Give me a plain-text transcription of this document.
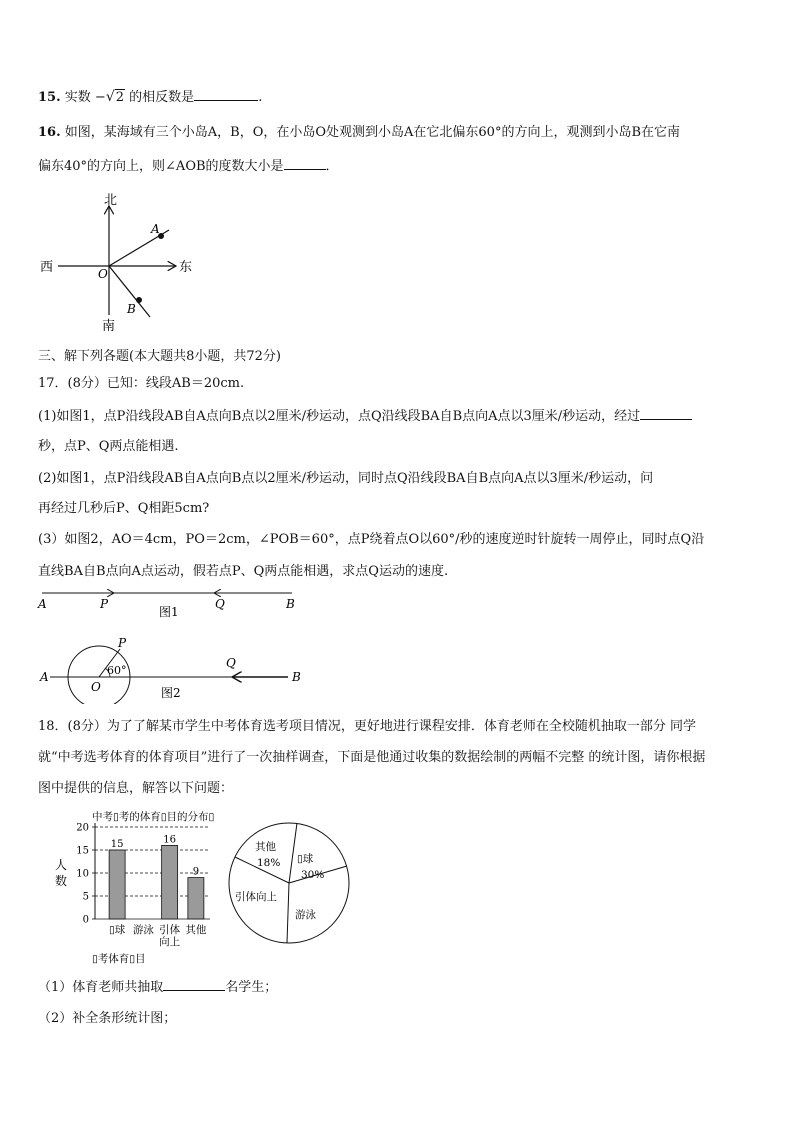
15. 实数 −√2 的相反数是	.
16. 如图，某海域有三个小岛A，B，O，在小岛O处观测到小岛A在它北偏东60°的方向上，观测到小岛B在它南
偏东40°的方向上，则∠AOB的度数大小是	．
北
南
东
西	O
A
B
三、解下列各题(本大题共8小题，共72分)
17．(8分）已知：线段AB＝20cm.
(1)如图1，点P沿线段AB自A点向B点以2厘米/秒运动，点Q沿线段BA自B点向A点以3厘米/秒运动，经过
秒，点P、Q两点能相遇.
(2)如图1，点P沿线段AB自A点向B点以2厘米/秒运动，同时点Q沿线段BA自B点向A点以3厘米/秒运动，问
再经过几秒后P、Q相距5cm?
(3）如图2，AO＝4cm，PO＝2cm，∠POB＝60°，点P绕着点O以60°/秒的速度逆时针旋转一周停止，同时点Q沿
直线BA自B点向A点运动，假若点P、Q两点能相遇，求点Q运动的速度.
A	P	Q	B
图1
A
P
60°
O
Q
B
图2
18．(8分）为了了解某市学生中考体育选考项目情况，更好地进行课程安排．体育老师在全校随机抽取一部分 同学
就“中考选考体育的体育项目”进行了一次抽样调查，下面是他通过收集的数据绘制的两幅不完整 的统计图，请你根据
图中提供的信息，解答以下问题：
中考▯考的体育▯目的分布▯
人
数
▯考体育▯目
0
5
10
15
20
15
▯球 游泳
16
引体
向上
9
其他
其他
18% ▯球
30%
引体向上
游泳
（1）体育老师共抽取	名学生；
（2）补全条形统计图；
